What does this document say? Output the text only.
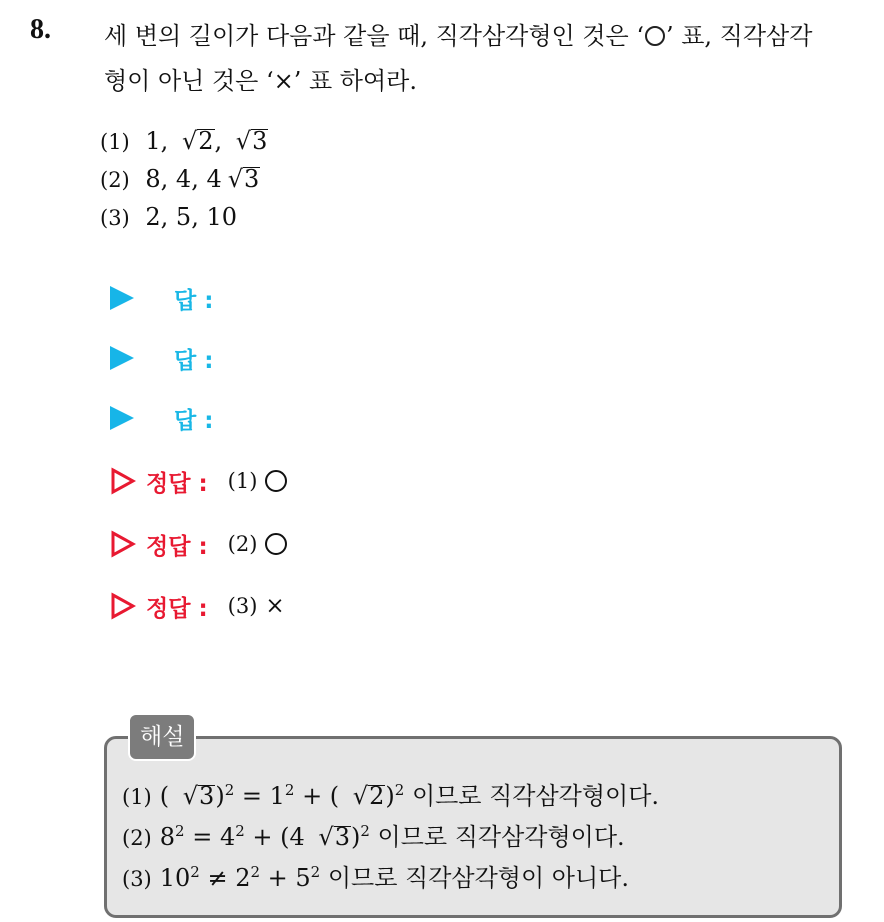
8. 세 변의 길이가 다음과 같을 때, 직각삼각형인 것은 ‘ ’ 표, 직각삼각
형이 아닌 것은 ‘×’ 표 하여라.
(1) 1, √2, √3
(2) 8, 4, 4 √3
(3) 2, 5, 10
답 :
답 :
답 :
정답 : (1)
정답 : (2)
정답 : (3) ×
해설
(1) ( $√3)^2 = 1^2$ + ( √2)$^2$ 이므로 직각삼각형이다.
(2) $8^2 = 4^2 + (4$ √3)$^2$ 이므로 직각삼각형이다.
(3) $10^2 \ne 2^2 + 5^2$ 이므로 직각삼각형이 아니다.
